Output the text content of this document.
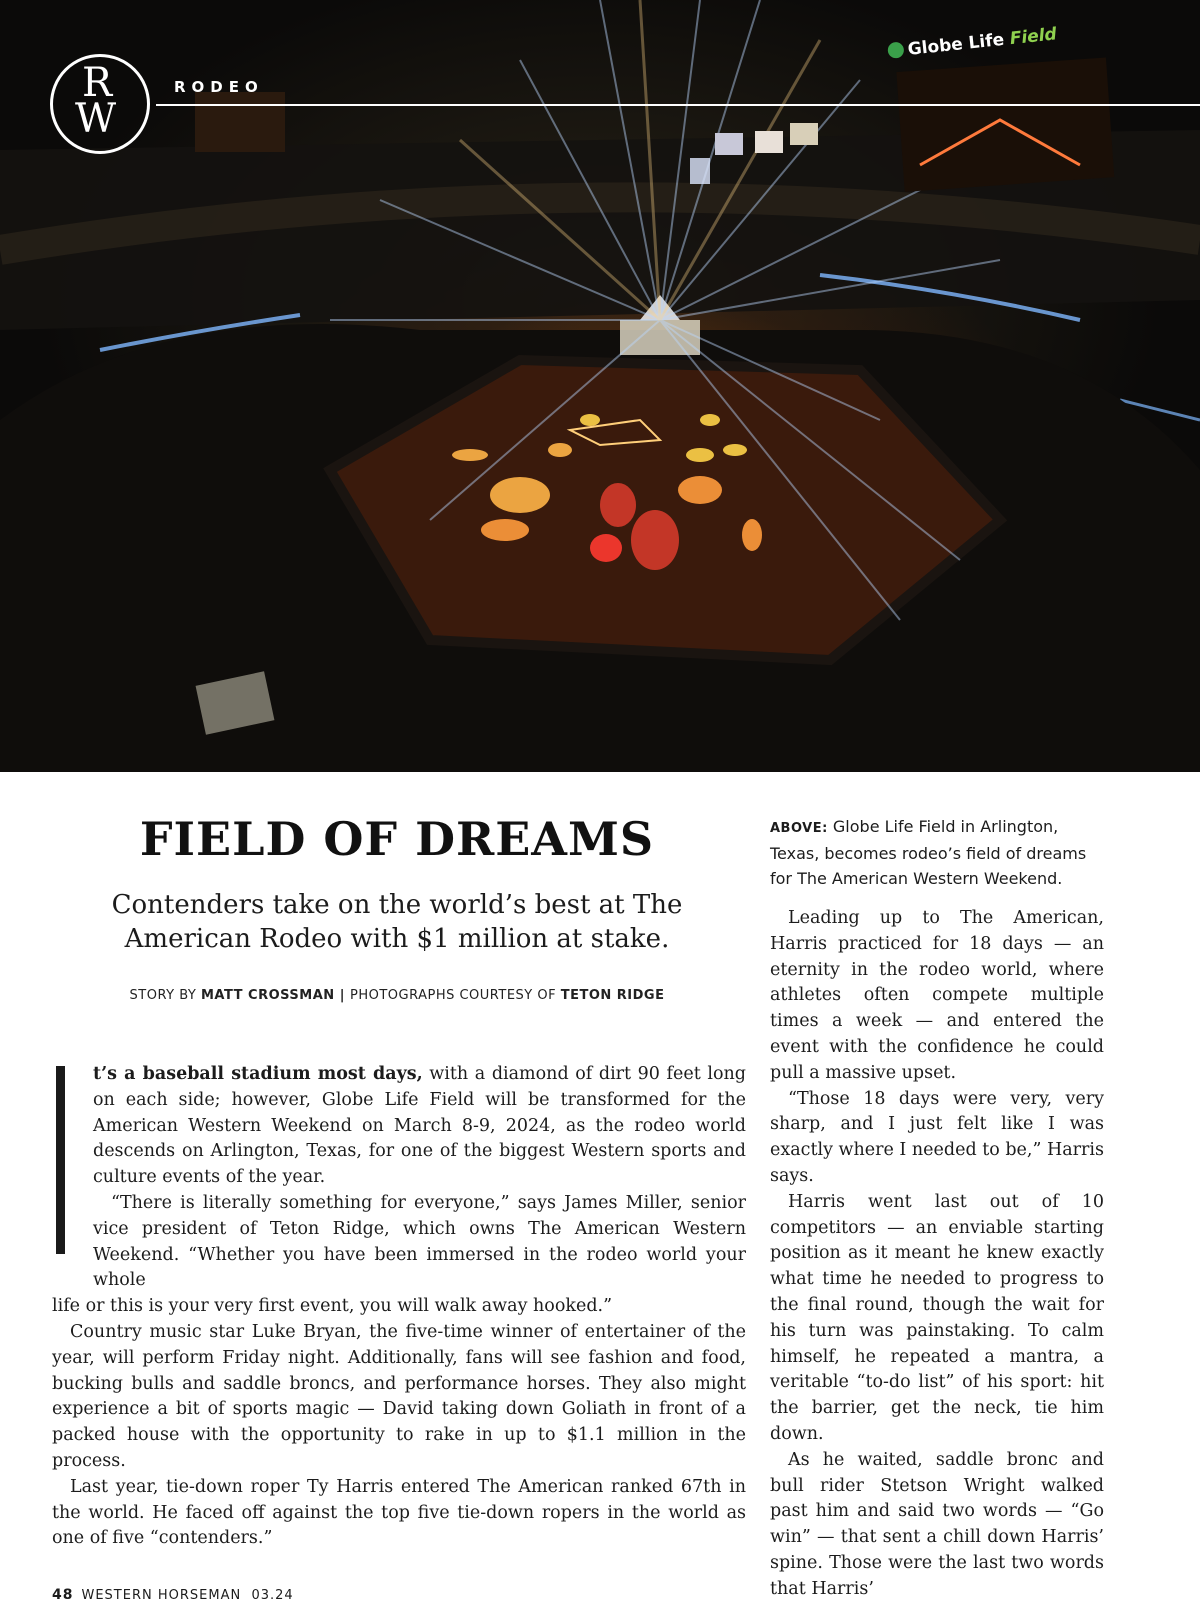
R
W
RODEO
Globe Life Field
FIELD OF DREAMS
Contenders take on the world’s best at The American Rodeo with $1 million at stake.
STORY BY MATT CROSSMAN | PHOTOGRAPHS COURTESY OF TETON RIDGE

t’s a baseball stadium most days, with a diamond of dirt 90 feet long on each side; however, Globe Life Field will be transformed for the American Western Weekend on March 8-9, 2024, as the rodeo world descends on Arlington, Texas, for one of the biggest Western sports and culture events of the year.

“There is literally something for everyone,” says James Miller, senior vice president of Teton Ridge, which owns The American Western Weekend. “Whether you have been immersed in the rodeo world your whole

life or this is your very first event, you will walk away hooked.”

Country music star Luke Bryan, the five-time winner of entertainer of the year, will perform Friday night. Additionally, fans will see fashion and food, bucking bulls and saddle broncs, and performance horses. They also might experience a bit of sports magic — David taking down Goliath in front of a packed house with the opportunity to rake in up to $1.1 million in the process.

Last year, tie-down roper Ty Harris entered The American ranked 67th in the world. He faced off against the top five tie-down ropers in the world as one of five “contenders.”

ABOVE: Globe Life Field in Arlington, Texas, becomes rodeo’s field of dreams for The American Western Weekend.

Leading up to The American, Harris practiced for 18 days — an eternity in the rodeo world, where athletes often compete multiple times a week — and entered the event with the confidence he could pull a massive upset.

“Those 18 days were very, very sharp, and I just felt like I was exactly where I needed to be,” Harris says.

Harris went last out of 10 competitors — an enviable starting position as it meant he knew exactly what time he needed to progress to the final round, though the wait for his turn was painstaking. To calm himself, he repeated a mantra, a veritable “to-do list” of his sport: hit the barrier, get the neck, tie him down.

As he waited, saddle bronc and bull rider Stetson Wright walked past him and said two words — “Go win” — that sent a chill down Harris’ spine. Those were the last two words that Harris’

48 WESTERN HORSEMAN 03.24
